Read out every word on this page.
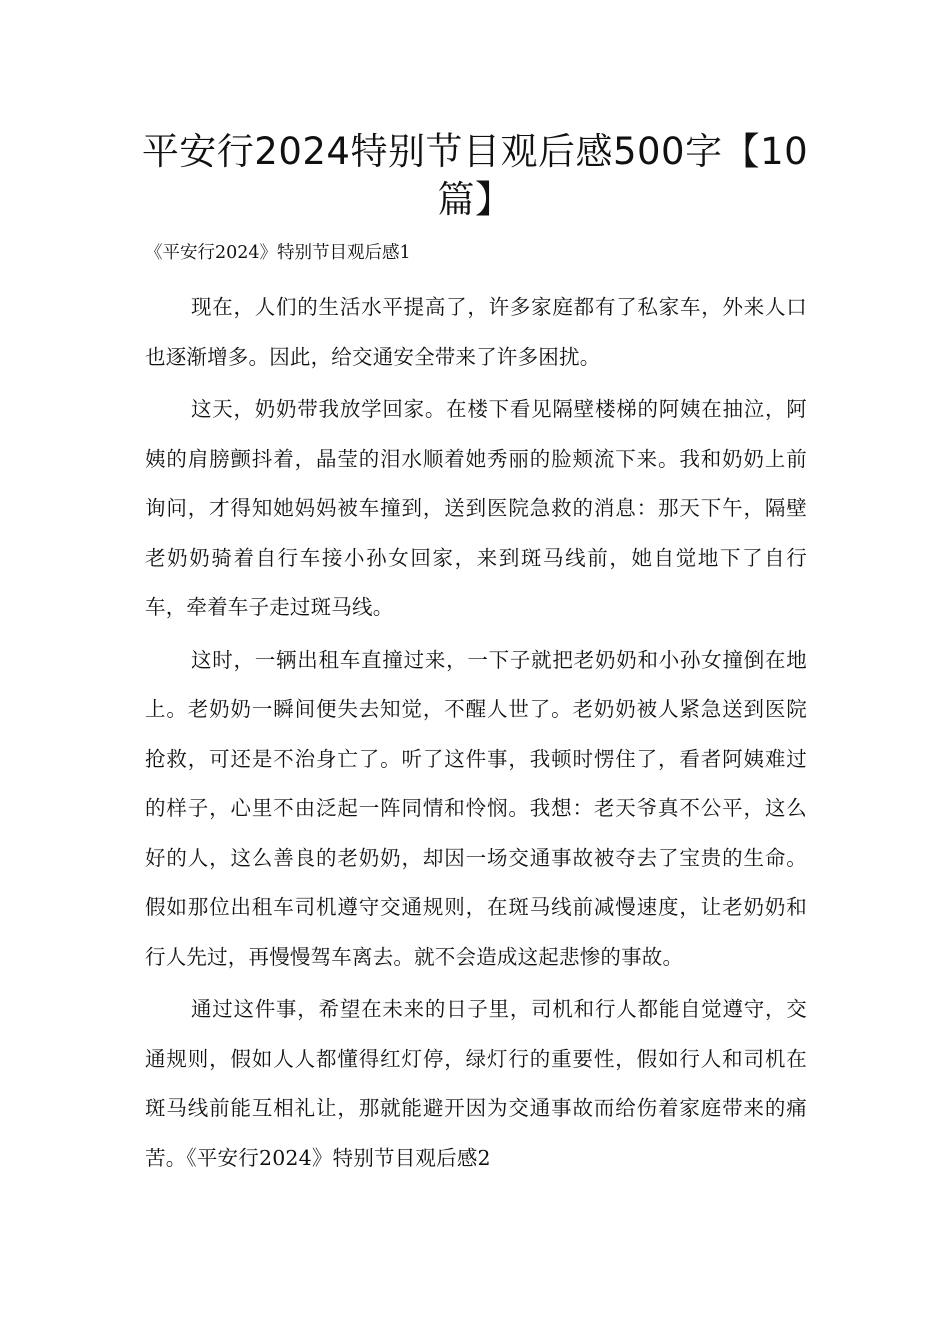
平安行2024特别节目观后感500字【10篇】

《平安行2024》特别节目观后感1

现在，人们的生活水平提高了，许多家庭都有了私家车，外来人口也逐渐增多。因此，给交通安全带来了许多困扰。

这天，奶奶带我放学回家。在楼下看见隔壁楼梯的阿姨在抽泣，阿姨的肩膀颤抖着，晶莹的泪水顺着她秀丽的脸颊流下来。我和奶奶上前询问，才得知她妈妈被车撞到，送到医院急救的消息：那天下午，隔壁老奶奶骑着自行车接小孙女回家，来到斑马线前，她自觉地下了自行车，牵着车子走过斑马线。

这时，一辆出租车直撞过来，一下子就把老奶奶和小孙女撞倒在地上。老奶奶一瞬间便失去知觉，不醒人世了。老奶奶被人紧急送到医院抢救，可还是不治身亡了。听了这件事，我顿时愣住了，看者阿姨难过的样子，心里不由泛起一阵同情和怜悯。我想：老天爷真不公平，这么好的人，这么善良的老奶奶，却因一场交通事故被夺去了宝贵的生命。假如那位出租车司机遵守交通规则，在斑马线前减慢速度，让老奶奶和行人先过，再慢慢驾车离去。就不会造成这起悲惨的事故。

通过这件事，希望在未来的日子里，司机和行人都能自觉遵守，交通规则，假如人人都懂得红灯停，绿灯行的重要性，假如行人和司机在斑马线前能互相礼让，那就能避开因为交通事故而给伤着家庭带来的痛苦。《平安行2024》特别节目观后感2
